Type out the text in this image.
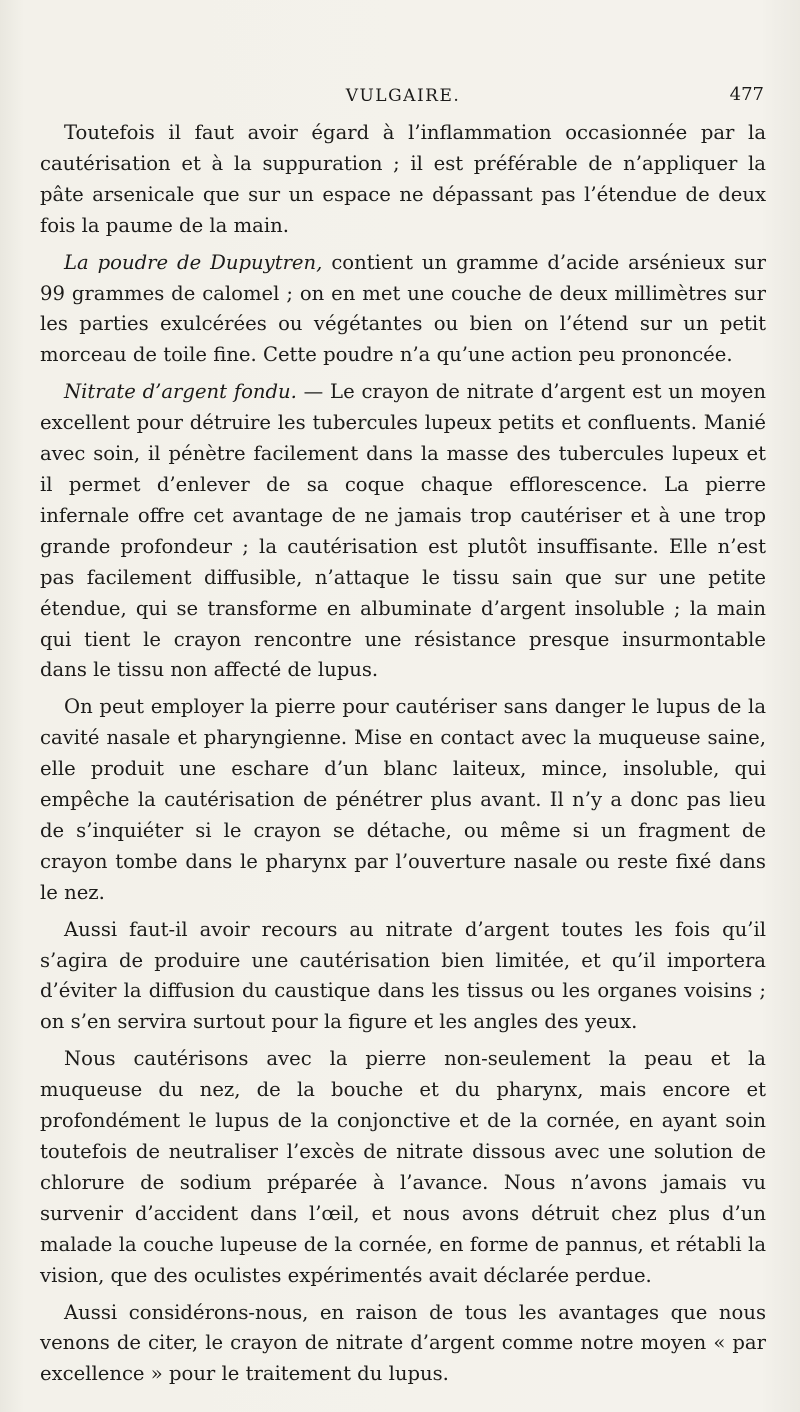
VULGAIRE.	477

Toutefois il faut avoir égard à l’inflammation occasionnée par la cautérisation et à la suppuration ; il est préférable de n’appliquer la pâte arsenicale que sur un espace ne dépassant pas l’étendue de deux fois la paume de la main.

La poudre de Dupuytren, contient un gramme d’acide arsénieux sur 99 grammes de calomel ; on en met une couche de deux millimètres sur les parties exulcérées ou végétantes ou bien on l’étend sur un petit morceau de toile fine. Cette poudre n’a qu’une action peu prononcée.

Nitrate d’argent fondu. — Le crayon de nitrate d’argent est un moyen excellent pour détruire les tubercules lupeux petits et confluents. Manié avec soin, il pénètre facilement dans la masse des tubercules lupeux et il permet d’enlever de sa coque chaque efflorescence. La pierre infernale offre cet avantage de ne jamais trop cautériser et à une trop grande profondeur ; la cautérisation est plutôt insuffisante. Elle n’est pas facilement diffusible, n’attaque le tissu sain que sur une petite étendue, qui se transforme en albuminate d’argent insoluble ; la main qui tient le crayon rencontre une résistance presque insurmontable dans le tissu non affecté de lupus.

On peut employer la pierre pour cautériser sans danger le lupus de la cavité nasale et pharyngienne. Mise en contact avec la muqueuse saine, elle produit une eschare d’un blanc laiteux, mince, insoluble, qui empêche la cautérisation de pénétrer plus avant. Il n’y a donc pas lieu de s’inquiéter si le crayon se détache, ou même si un fragment de crayon tombe dans le pharynx par l’ouverture nasale ou reste fixé dans le nez.

Aussi faut-il avoir recours au nitrate d’argent toutes les fois qu’il s’agira de produire une cautérisation bien limitée, et qu’il importera d’éviter la diffusion du caustique dans les tissus ou les organes voisins ; on s’en servira surtout pour la figure et les angles des yeux.

Nous cautérisons avec la pierre non-seulement la peau et la muqueuse du nez, de la bouche et du pharynx, mais encore et profondément le lupus de la conjonctive et de la cornée, en ayant soin toutefois de neutraliser l’excès de nitrate dissous avec une solution de chlorure de sodium préparée à l’avance. Nous n’avons jamais vu survenir d’accident dans l’œil, et nous avons détruit chez plus d’un malade la couche lupeuse de la cornée, en forme de pannus, et rétabli la vision, que des oculistes expérimentés avait déclarée perdue.

Aussi considérons-nous, en raison de tous les avantages que nous venons de citer, le crayon de nitrate d’argent comme notre moyen « par excellence » pour le traitement du lupus.
